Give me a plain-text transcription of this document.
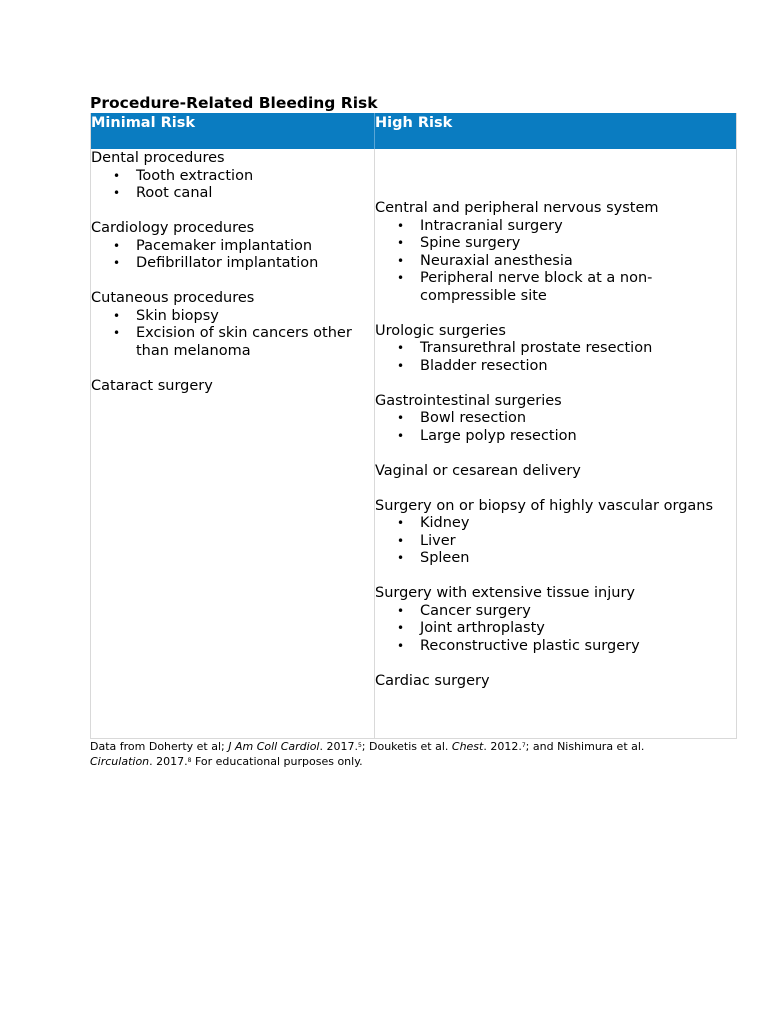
Procedure-Related Bleeding Risk
Minimal Risk	High Risk
Dental procedures
• Tooth extraction
• Root canal
Cardiology procedures
• Pacemaker implantation
• Defibrillator implantation
Cutaneous procedures
• Skin biopsy
• Excision of skin cancers other than melanoma
Cataract surgery
Central and peripheral nervous system
• Intracranial surgery
• Spine surgery
• Neuraxial anesthesia
• Peripheral nerve block at a non-compressible site
Urologic surgeries
• Transurethral prostate resection
• Bladder resection
Gastrointestinal surgeries
• Bowl resection
• Large polyp resection
Vaginal or cesarean delivery
Surgery on or biopsy of highly vascular organs
• Kidney
• Liver
• Spleen
Surgery with extensive tissue injury
• Cancer surgery
• Joint arthroplasty
• Reconstructive plastic surgery
Cardiac surgery
Data from Doherty et al; J Am Coll Cardiol. 2017.$^5$; Douketis et al. Chest. 2012.$^7$; and Nishimura et al. Circulation. 2017.$^8$ For educational purposes only.
